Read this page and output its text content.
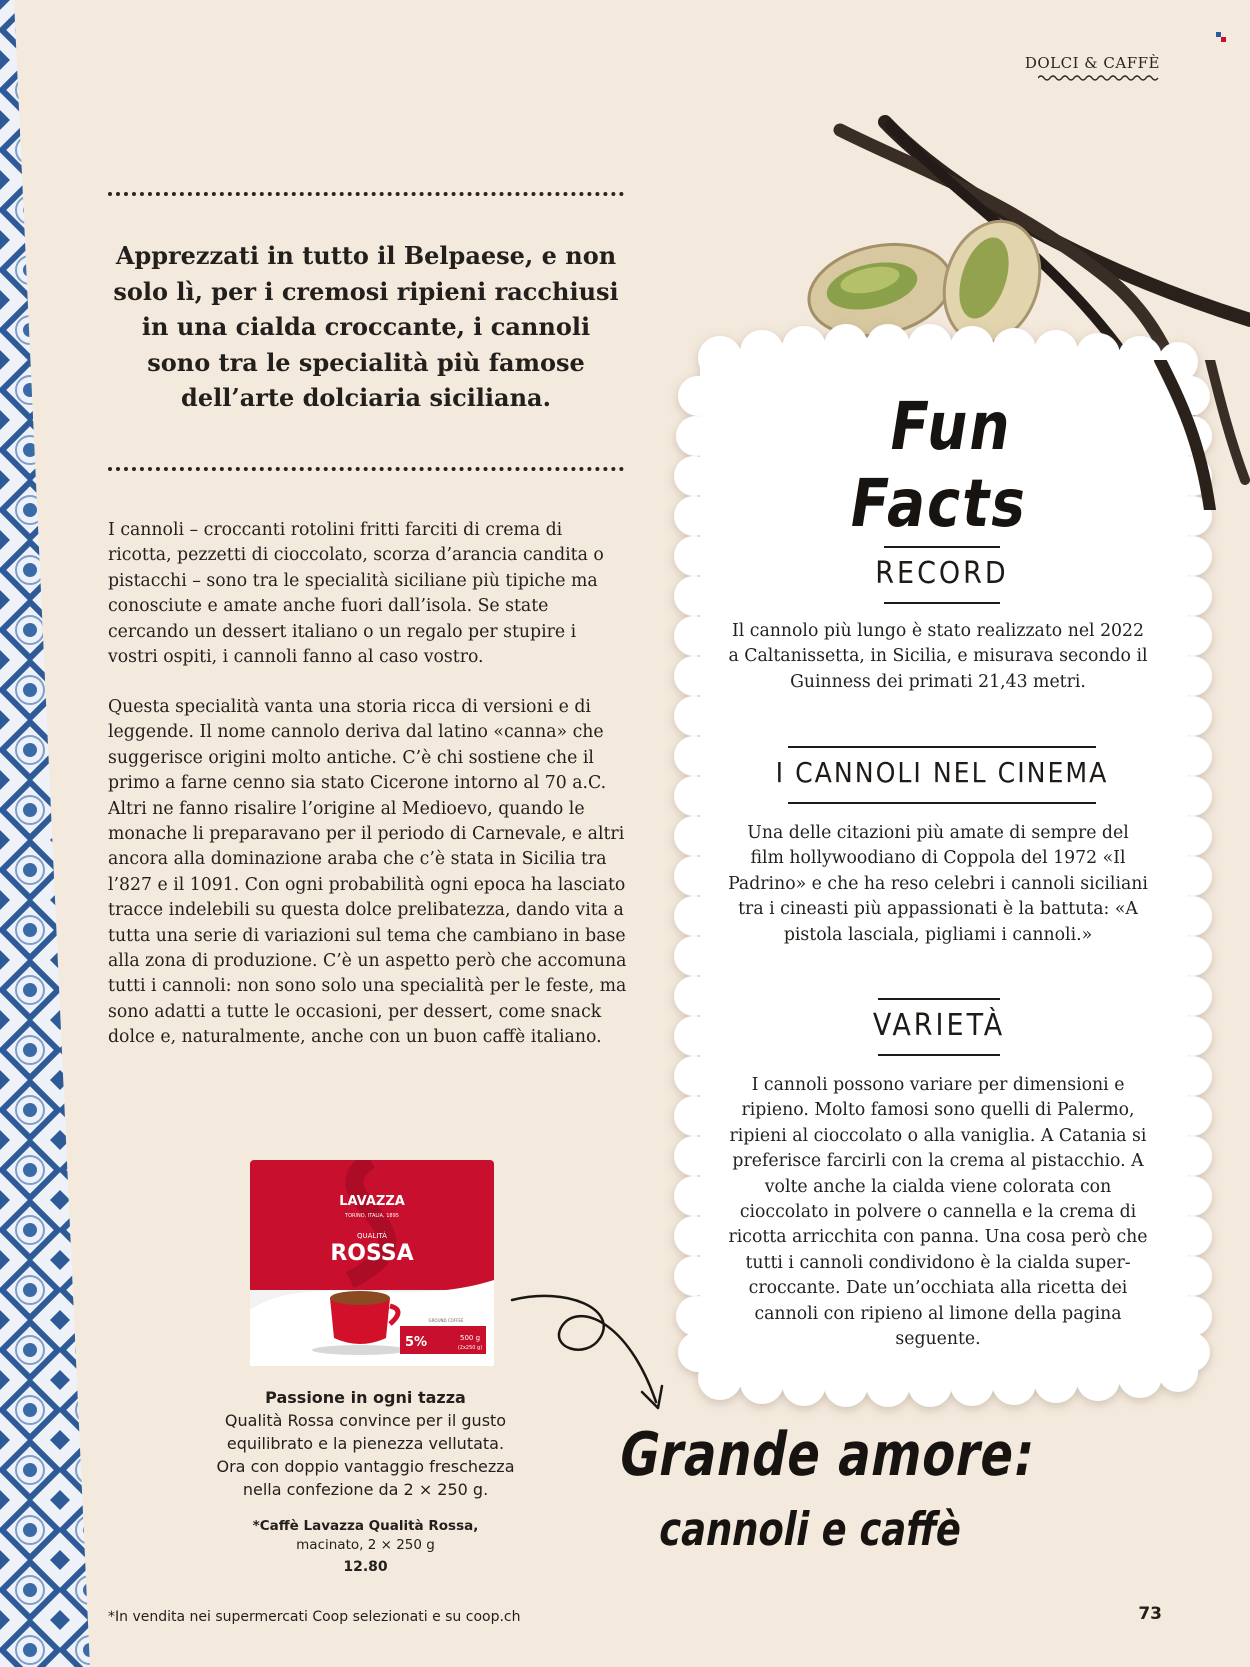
DOLCI & CAFFÈ
Apprezzati in tutto il Belpaese, e non solo lì, per i cremosi ripieni racchiusi in una cialda croccante, i cannoli sono tra le specialità più famose dell’arte dolciaria siciliana.

I cannoli – croccanti rotolini fritti farciti di crema di ricotta, pezzetti di cioccolato, scorza d’arancia candita o pistacchi – sono tra le specialità siciliane più tipiche ma conosciute e amate anche fuori dall’isola. Se state cercando un dessert italiano o un regalo per stupire i vostri ospiti, i cannoli fanno al caso vostro.

Questa specialità vanta una storia ricca di versioni e di leggende. Il nome cannolo deriva dal latino «canna» che suggerisce origini molto antiche. C’è chi sostiene che il primo a farne cenno sia stato Cicerone intorno al 70 a.C. Altri ne fanno risalire l’origine al Medioevo, quando le monache li preparavano per il periodo di Carnevale, e altri ancora alla dominazione araba che c’è stata in Sicilia tra l’827 e il 1091. Con ogni probabilità ogni epoca ha lasciato tracce indelebili su questa dolce prelibatezza, dando vita a tutta una serie di variazioni sul tema che cambiano in base alla zona di produzione. C’è un aspetto però che accomuna tutti i cannoli: non sono solo una specialità per le feste, ma sono adatti a tutte le occasioni, per dessert, come snack dolce e, naturalmente, anche con un buon caffè italiano.

Fun Facts
RECORD

Il cannolo più lungo è stato realizzato nel 2022 a Caltanissetta, in Sicilia, e misurava secondo il Guinness dei primati 21,43 metri.

I CANNOLI NEL CINEMA

Una delle citazioni più amate di sempre del film hollywoodiano di Coppola del 1972 «Il Padrino» e che ha reso celebri i cannoli siciliani tra i cineasti più appassionati è la battuta: «A pistola lasciala, pigliami i cannoli.»

VARIETÀ

I cannoli possono variare per dimensioni e ripieno. Molto famosi sono quelli di Palermo, ripieni al cioccolato o alla vaniglia. A Catania si preferisce farcirli con la crema al pistacchio. A volte anche la cialda viene colorata con cioccolato in polvere o cannella e la crema di ricotta arricchita con panna. Una cosa però che tutti i cannoli condividono è la cialda super-croccante. Date un’occhiata alla ricetta dei cannoli con ripieno al limone della pagina seguente.

LAVAZZA
TORINO, ITALIA, 1895
QUALITÀ
ROSSA
5%	500 g
(2x250 g)
GROUND COFFEE
Passione in ogni tazza
Qualità Rossa convince per il gusto
equilibrato e la pienezza vellutata.
Ora con doppio vantaggio freschezza
nella confezione da 2 × 250 g.
*Caffè Lavazza Qualità Rossa,
macinato, 2 × 250 g
12.80
Grande amore:
cannoli e caffè
*In vendita nei supermercati Coop selezionati e su coop.ch	73
